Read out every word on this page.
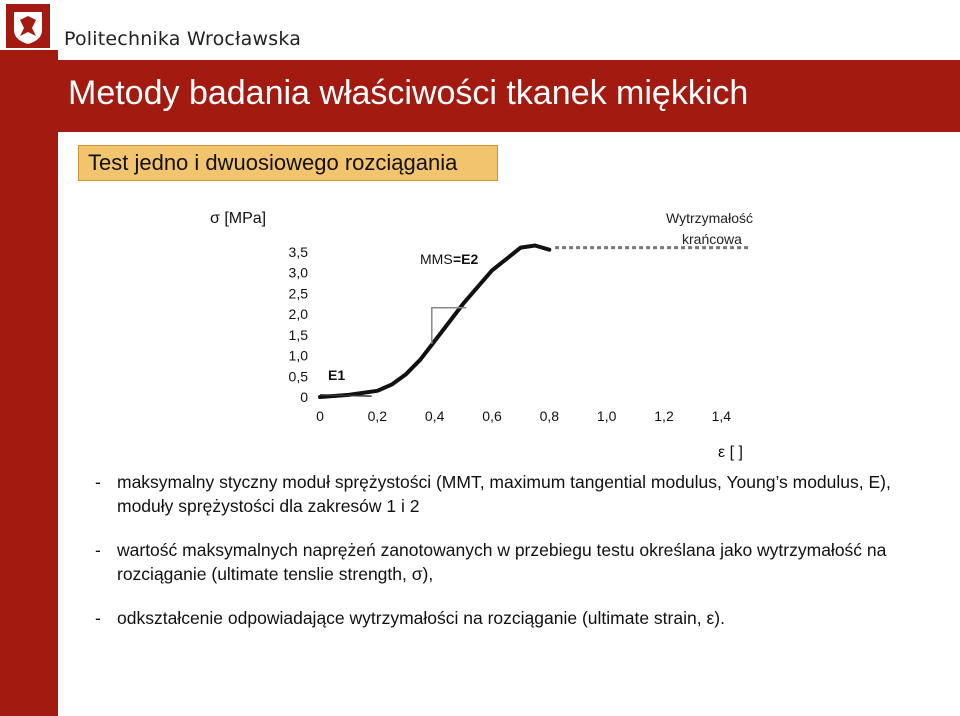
Politechnika Wrocławska
Metody badania właściwości tkanek miękkich
Test jedno i dwuosiowego rozciągania
σ [MPa]
ε [ ]
3,5
3,0
2,5
2,0
1,5
1,0
0,5
0
0	0,2	0,4	0,6	0,8	1,0	1,2	1,4
E1
MMS =E2
Wytrzymałość
krańcowa
- maksymalny styczny moduł sprężystości (MMT, maximum tangential modulus, Young’s modulus, E), moduły sprężystości dla zakresów 1 i 2
- wartość maksymalnych naprężeń zanotowanych w przebiegu testu określana jako wytrzymałość na rozciąganie (ultimate tenslie strength, σ),
- odkształcenie odpowiadające wytrzymałości na rozciąganie (ultimate strain, ε).
